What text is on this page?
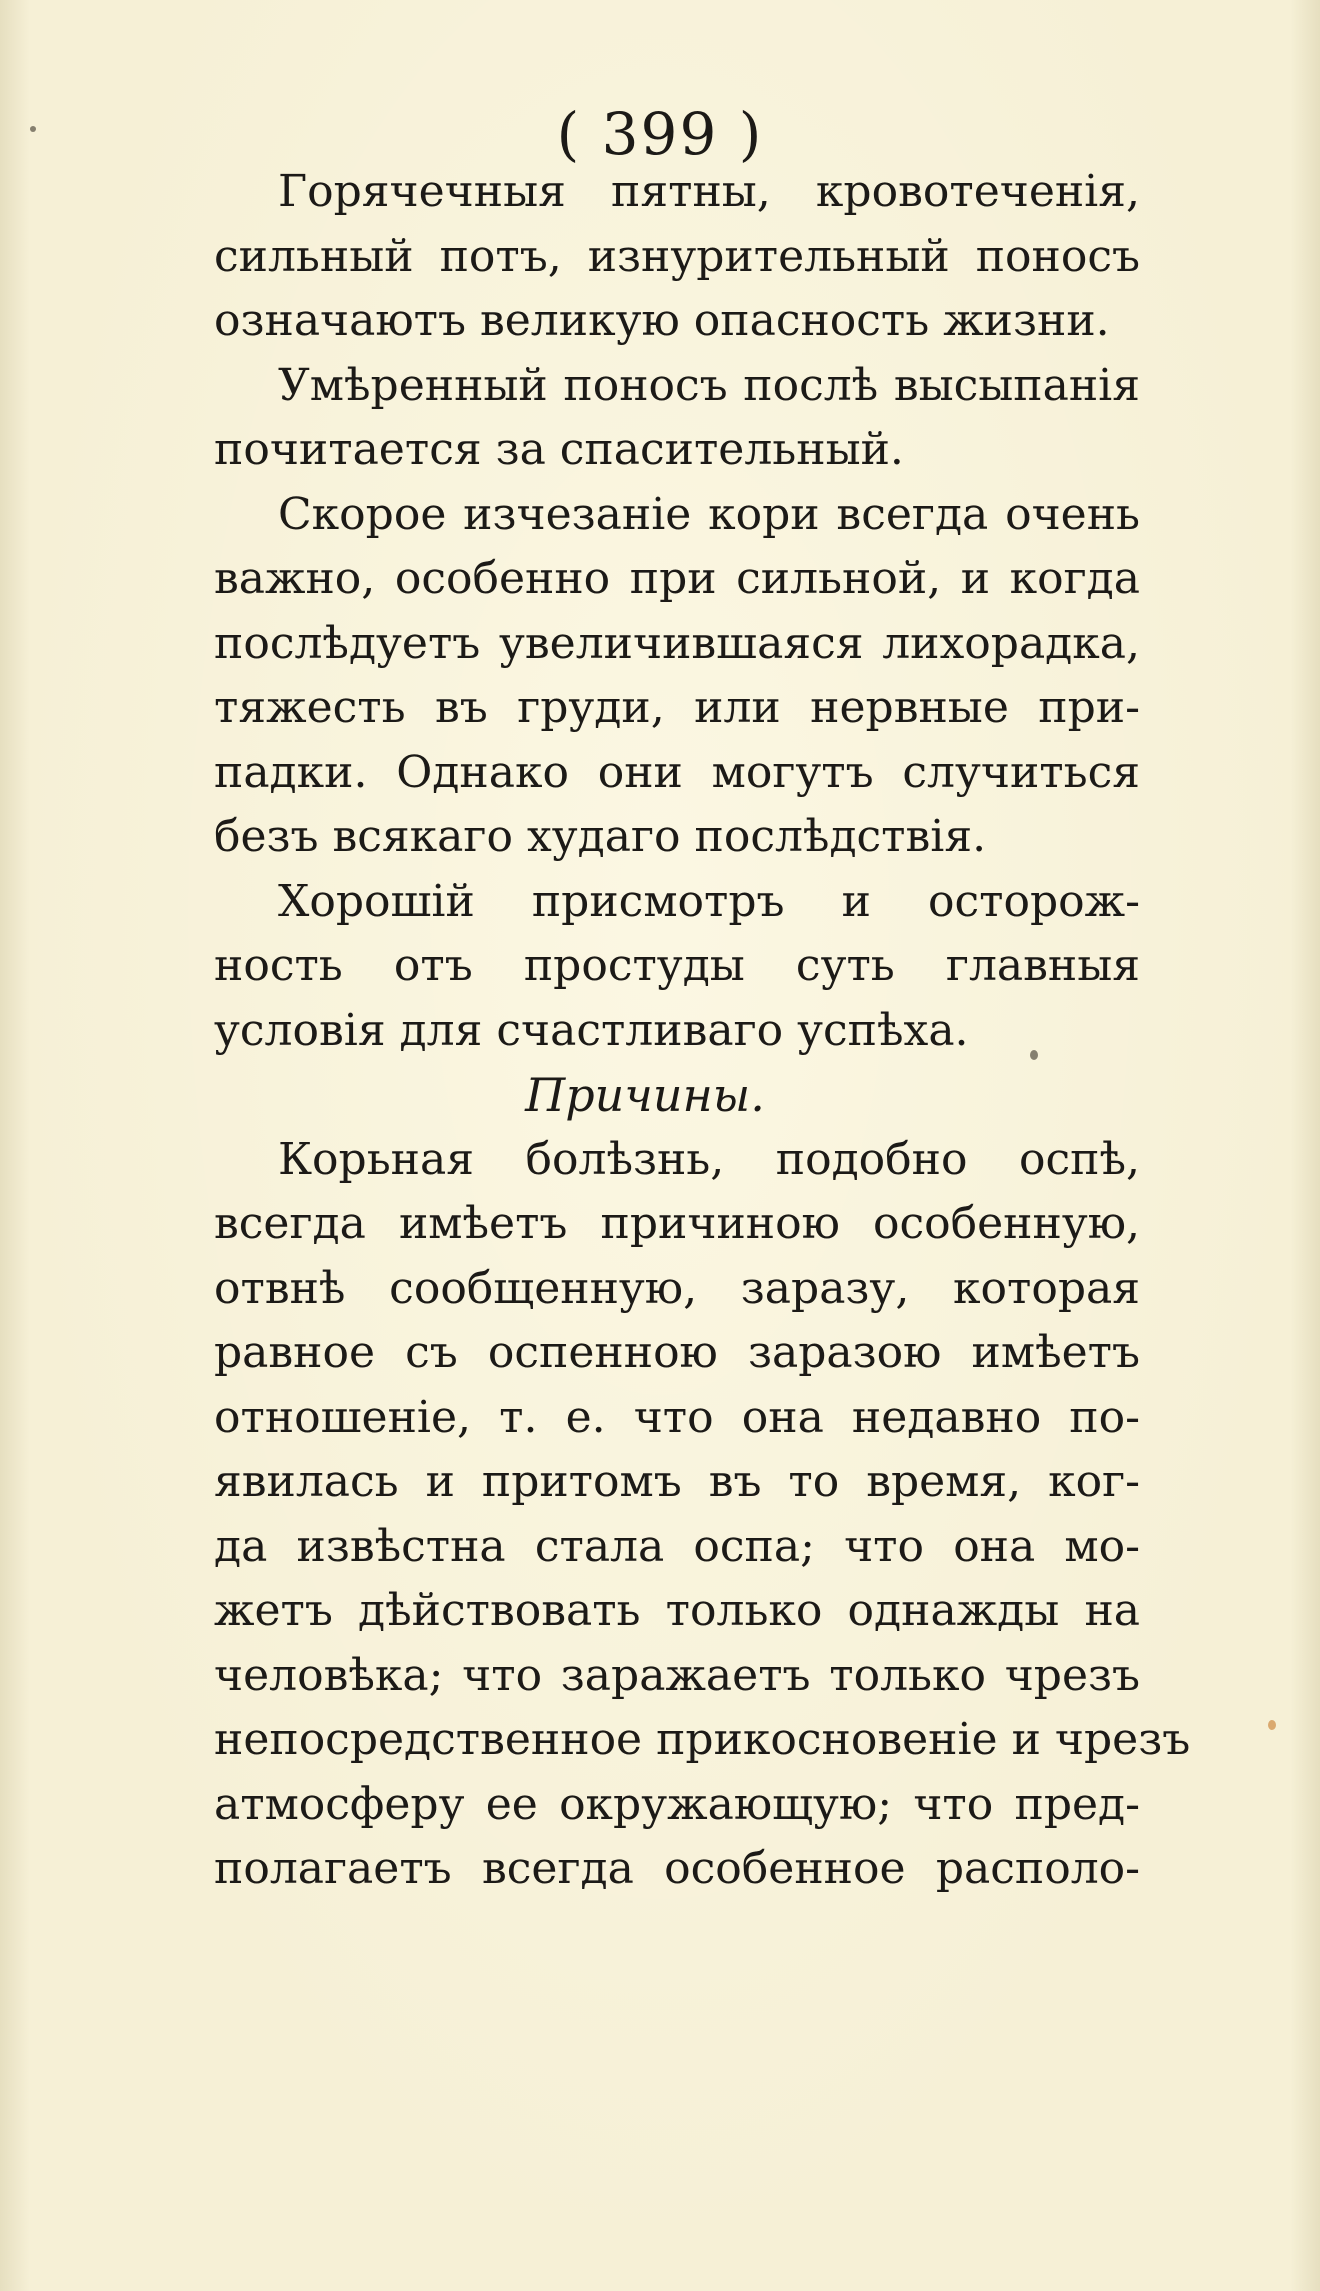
( 399 )

Горячечныя пятны, кровотеченія,
сильный потъ, изнурительный поносъ
означаютъ великую опасность жизни.

Умѣренный поносъ послѣ высыпанія
почитается за спасительный.

Скорое изчезаніе кори всегда очень
важно, особенно при сильной, и когда
послѣдуетъ увеличившаяся лихорадка,
тяжесть въ груди, или нервные при-
падки. Однако они могутъ случиться
безъ всякаго худаго послѣдствія.

Хорошій присмотръ и осторож-
ность отъ простуды суть главныя
условія для счастливаго успѣха.

Причины.

Корьная болѣзнь, подобно оспѣ,
всегда имѣетъ причиною особенную,
отвнѣ сообщенную, заразу, которая
равное съ оспенною заразою имѣетъ
отношеніе, т. е. что она недавно по-
явилась и притомъ въ то время, ког-
да извѣстна стала оспа; что она мо-
жетъ дѣйствовать только однажды на
человѣка; что заражаетъ только чрезъ
непосредственное прикосновеніе и чрезъ
атмосферу ее окружающую; что пред-
полагаетъ всегда особенное располо-
